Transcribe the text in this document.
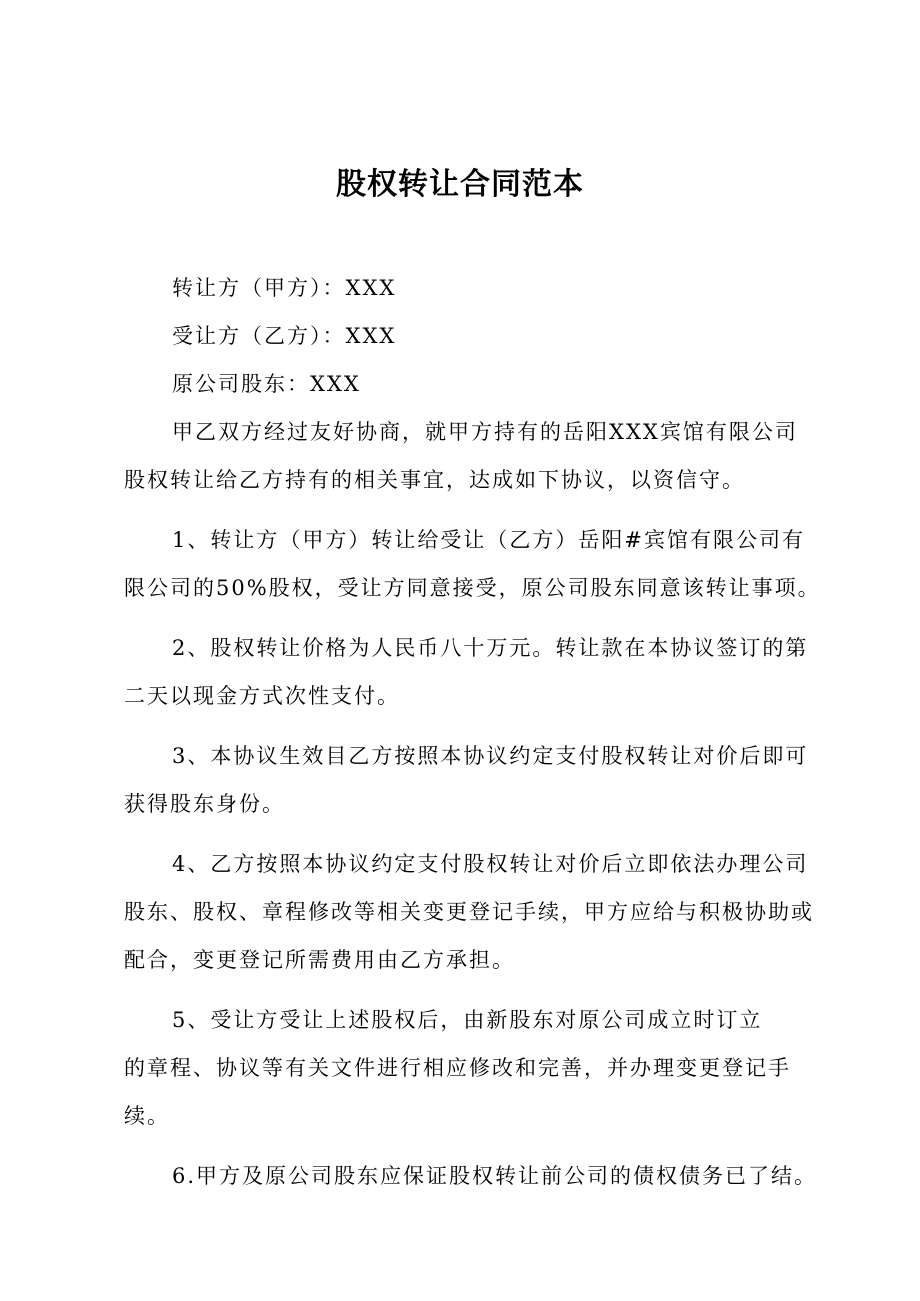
股权转让合同范本
转让方（甲方）：XXX
受让方（乙方）：XXX
原公司股东：XXX
甲乙双方经过友好协商，就甲方持有的岳阳XXX宾馆有限公司
股权转让给乙方持有的相关事宜，达成如下协议，以资信守。
1、转让方（甲方）转让给受让（乙方）岳阳#宾馆有限公司有
限公司的50%股权，受让方同意接受，原公司股东同意该转让事项。
2、股权转让价格为人民币八十万元。转让款在本协议签订的第
二天以现金方式次性支付。
3、本协议生效目乙方按照本协议约定支付股权转让对价后即可
获得股东身份。
4、乙方按照本协议约定支付股权转让对价后立即依法办理公司
股东、股权、章程修改等相关变更登记手续，甲方应给与积极协助或
配合，变更登记所需费用由乙方承担。
5、受让方受让上述股权后，由新股东对原公司成立时订立
的章程、协议等有关文件进行相应修改和完善，并办理变更登记手
续。
6.甲方及原公司股东应保证股权转让前公司的债权债务已了结。
